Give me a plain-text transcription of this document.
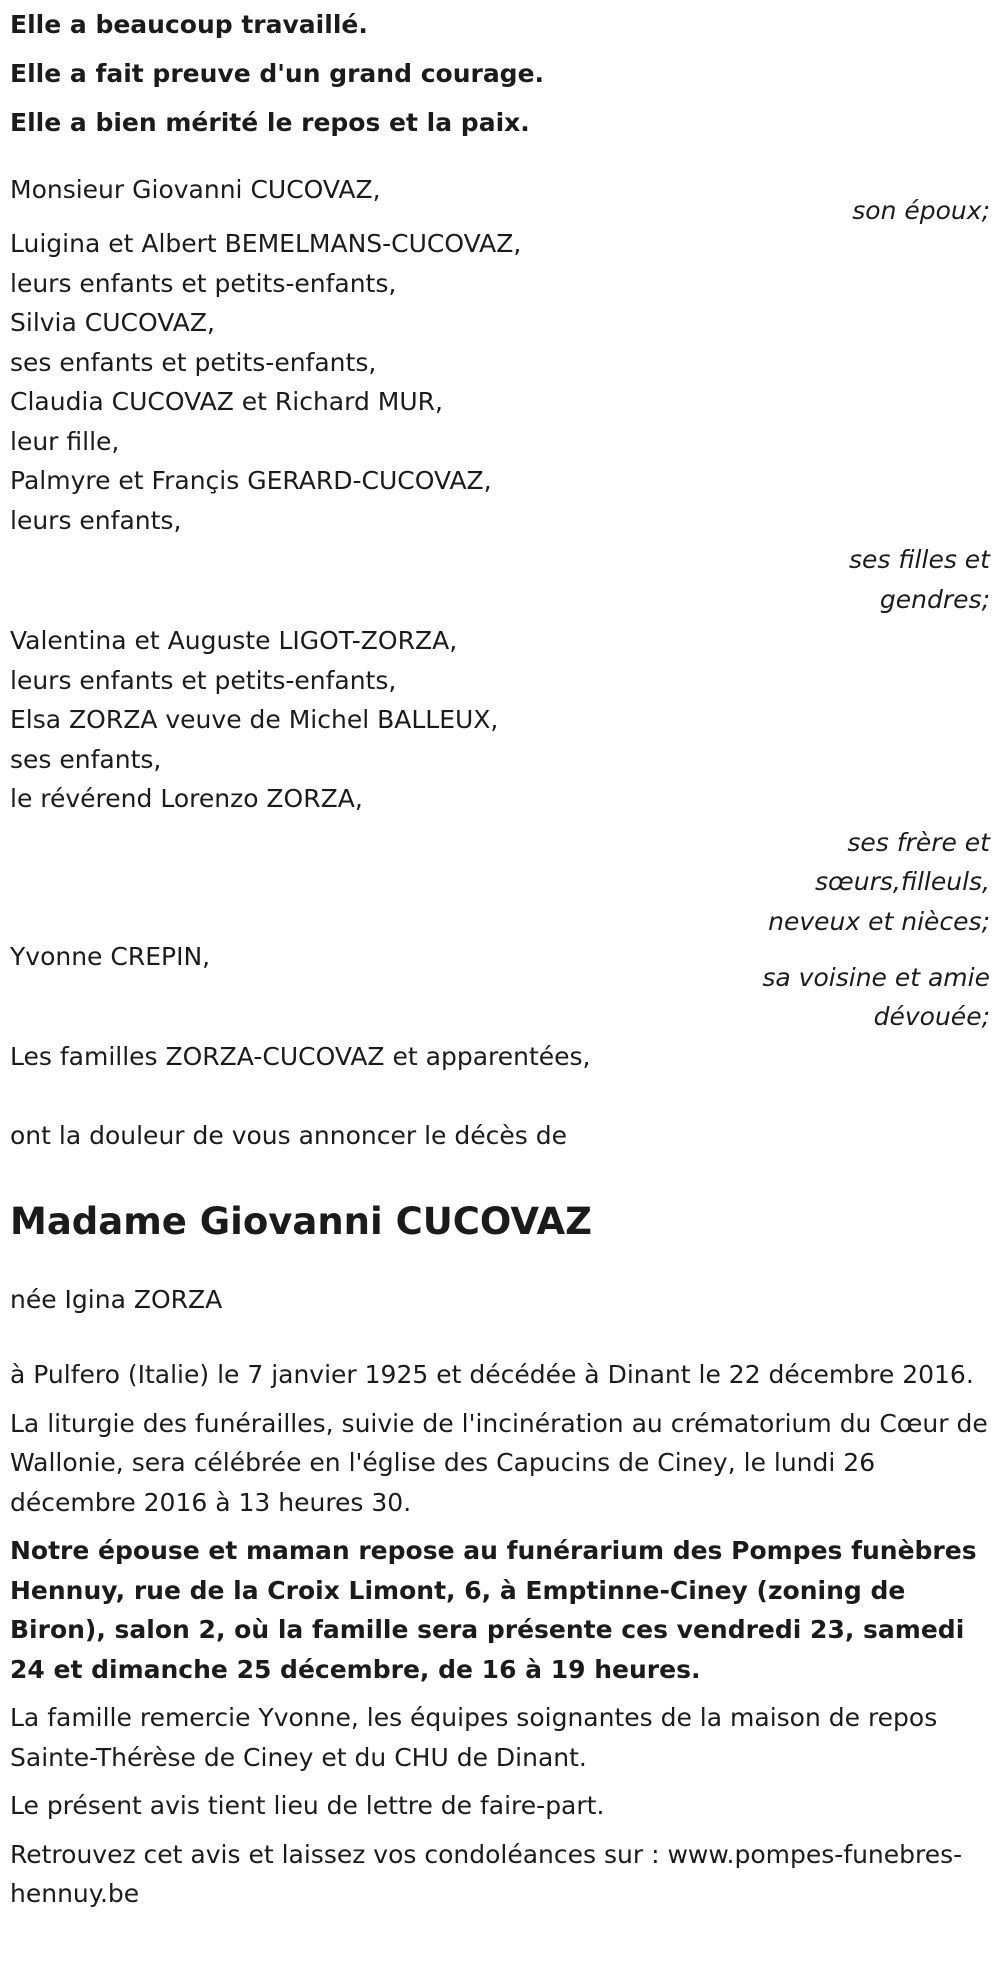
Elle a beaucoup travaillé.

Elle a fait preuve d'un grand courage.

Elle a bien mérité le repos et la paix.

Monsieur Giovanni CUCOVAZ,
son époux;
Luigina et Albert BEMELMANS-CUCOVAZ,
leurs enfants et petits-enfants,
Silvia CUCOVAZ,
ses enfants et petits-enfants,
Claudia CUCOVAZ et Richard MUR,
leur fille,
Palmyre et Françis GERARD-CUCOVAZ,
leurs enfants,
ses filles et
gendres;
Valentina et Auguste LIGOT-ZORZA,
leurs enfants et petits-enfants,
Elsa ZORZA veuve de Michel BALLEUX,
ses enfants,
le révérend Lorenzo ZORZA,
ses frère et
sœurs,filleuls,
neveux et nièces;
Yvonne CREPIN,
sa voisine et amie
dévouée;
Les familles ZORZA-CUCOVAZ et apparentées,
ont la douleur de vous annoncer le décès de
Madame Giovanni CUCOVAZ
née Igina ZORZA

à Pulfero (Italie) le 7 janvier 1925 et décédée à Dinant le 22 décembre 2016.

La liturgie des funérailles, suivie de l'incinération au crématorium du Cœur de Wallonie, sera célébrée en l'église des Capucins de Ciney, le lundi 26 décembre 2016 à 13 heures 30.

Notre épouse et maman repose au funérarium des Pompes funèbres Hennuy, rue de la Croix Limont, 6, à Emptinne-Ciney (zoning de Biron), salon 2, où la famille sera présente ces vendredi 23, samedi 24 et dimanche 25 décembre, de 16 à 19 heures.

La famille remercie Yvonne, les équipes soignantes de la maison de repos Sainte-Thérèse de Ciney et du CHU de Dinant.

Le présent avis tient lieu de lettre de faire-part.

Retrouvez cet avis et laissez vos condoléances sur : www.pompes-funebres-hennuy.be
